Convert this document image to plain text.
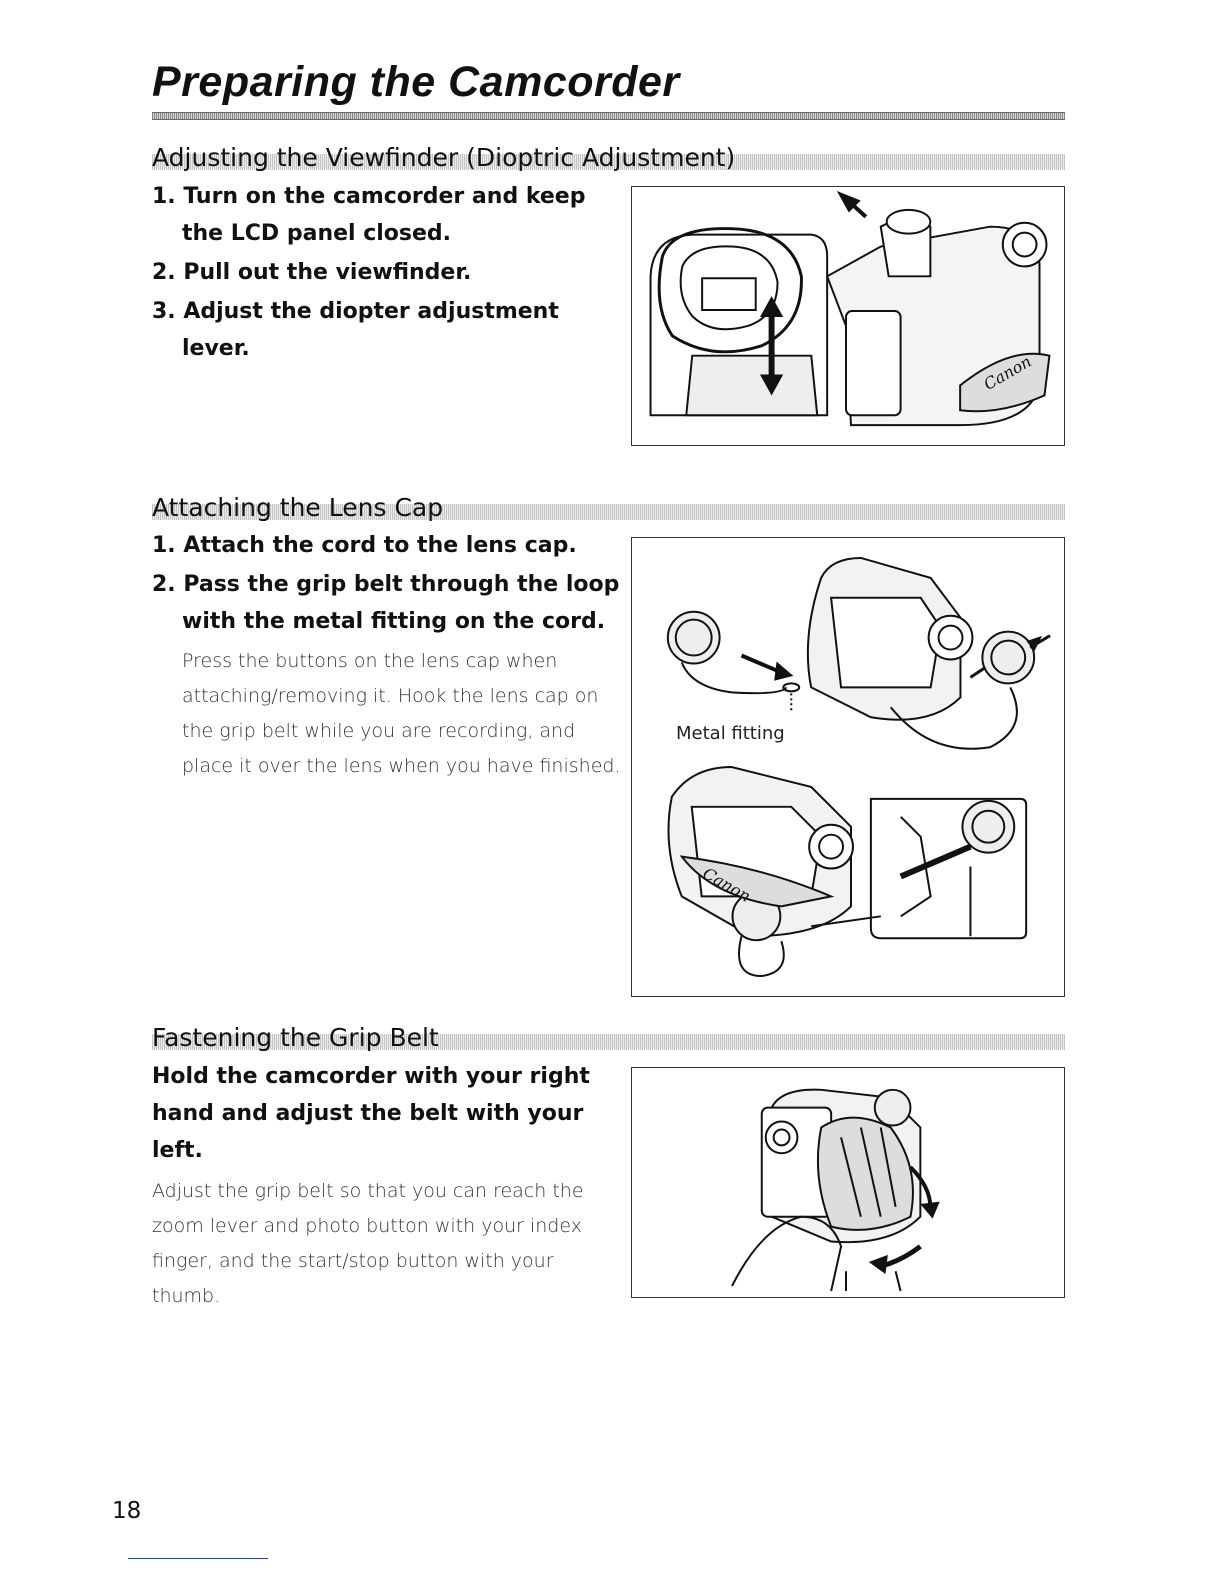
Preparing the Camcorder
Adjusting the Viewfinder (Dioptric Adjustment)
1. Turn on the camcorder and keep the LCD panel closed.
2. Pull out the viewfinder.
3. Adjust the diopter adjustment lever.
Canon
Attaching the Lens Cap
1. Attach the cord to the lens cap.
2. Pass the grip belt through the loop with the metal fitting on the cord.

Press the buttons on the lens cap when attaching/removing it. Hook the lens cap on the grip belt while you are recording, and place it over the lens when you have finished.

Canon
Metal fitting
Fastening the Grip Belt

Hold the camcorder with your right hand and adjust the belt with your left.

Adjust the grip belt so that you can reach the zoom lever and photo button with your index finger, and the start/stop button with your thumb.

18
